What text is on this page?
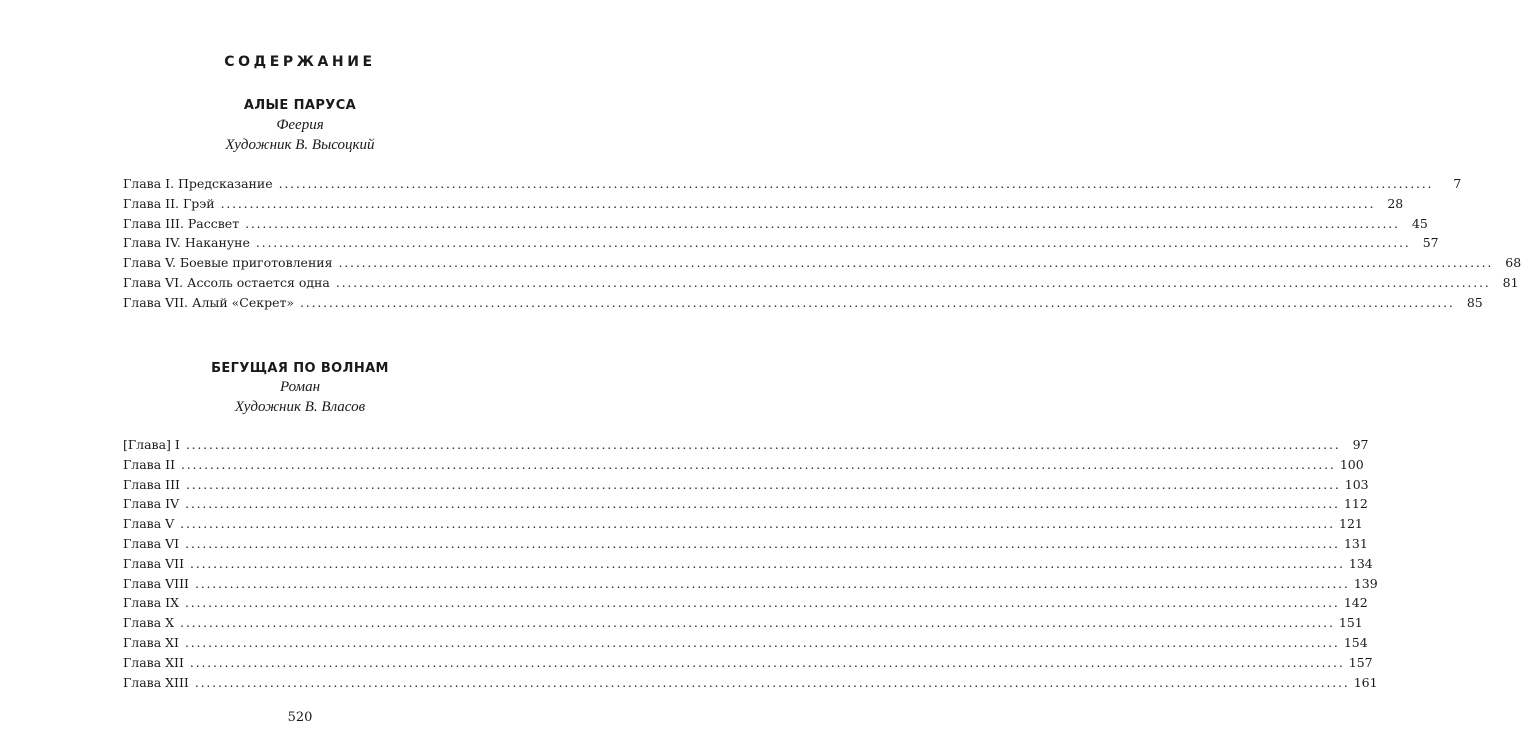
СОДЕРЖАНИЕ
АЛЫЕ ПАРУСА
Феерия
Художник В. Высоцкий
Глава I. Предсказание ........................................................................................................................................................................................................	7
Глава II. Грэй ........................................................................................................................................................................................................ 28
Глава III. Рассвет ........................................................................................................................................................................................................ 45
Глава IV. Накануне ........................................................................................................................................................................................................ 57
Глава V. Боевые приготовления ........................................................................................................................................................................................................ 68
Глава VI. Ассоль остается одна ........................................................................................................................................................................................................ 81
Глава VII. Алый «Секрет» ........................................................................................................................................................................................................ 85
БЕГУЩАЯ ПО ВОЛНАМ
Роман
Художник В. Власов
[Глава] I ........................................................................................................................................................................................................ 97
Глава II ........................................................................................................................................................................................................ 100
Глава III ........................................................................................................................................................................................................ 103
Глава IV ........................................................................................................................................................................................................ 112
Глава V ........................................................................................................................................................................................................ 121
Глава VI ........................................................................................................................................................................................................ 131
Глава VII ........................................................................................................................................................................................................ 134
Глава VIII ........................................................................................................................................................................................................ 139
Глава IX ........................................................................................................................................................................................................ 142
Глава X ........................................................................................................................................................................................................ 151
Глава XI ........................................................................................................................................................................................................ 154
Глава XII ........................................................................................................................................................................................................ 157
Глава XIII ........................................................................................................................................................................................................ 161
520
